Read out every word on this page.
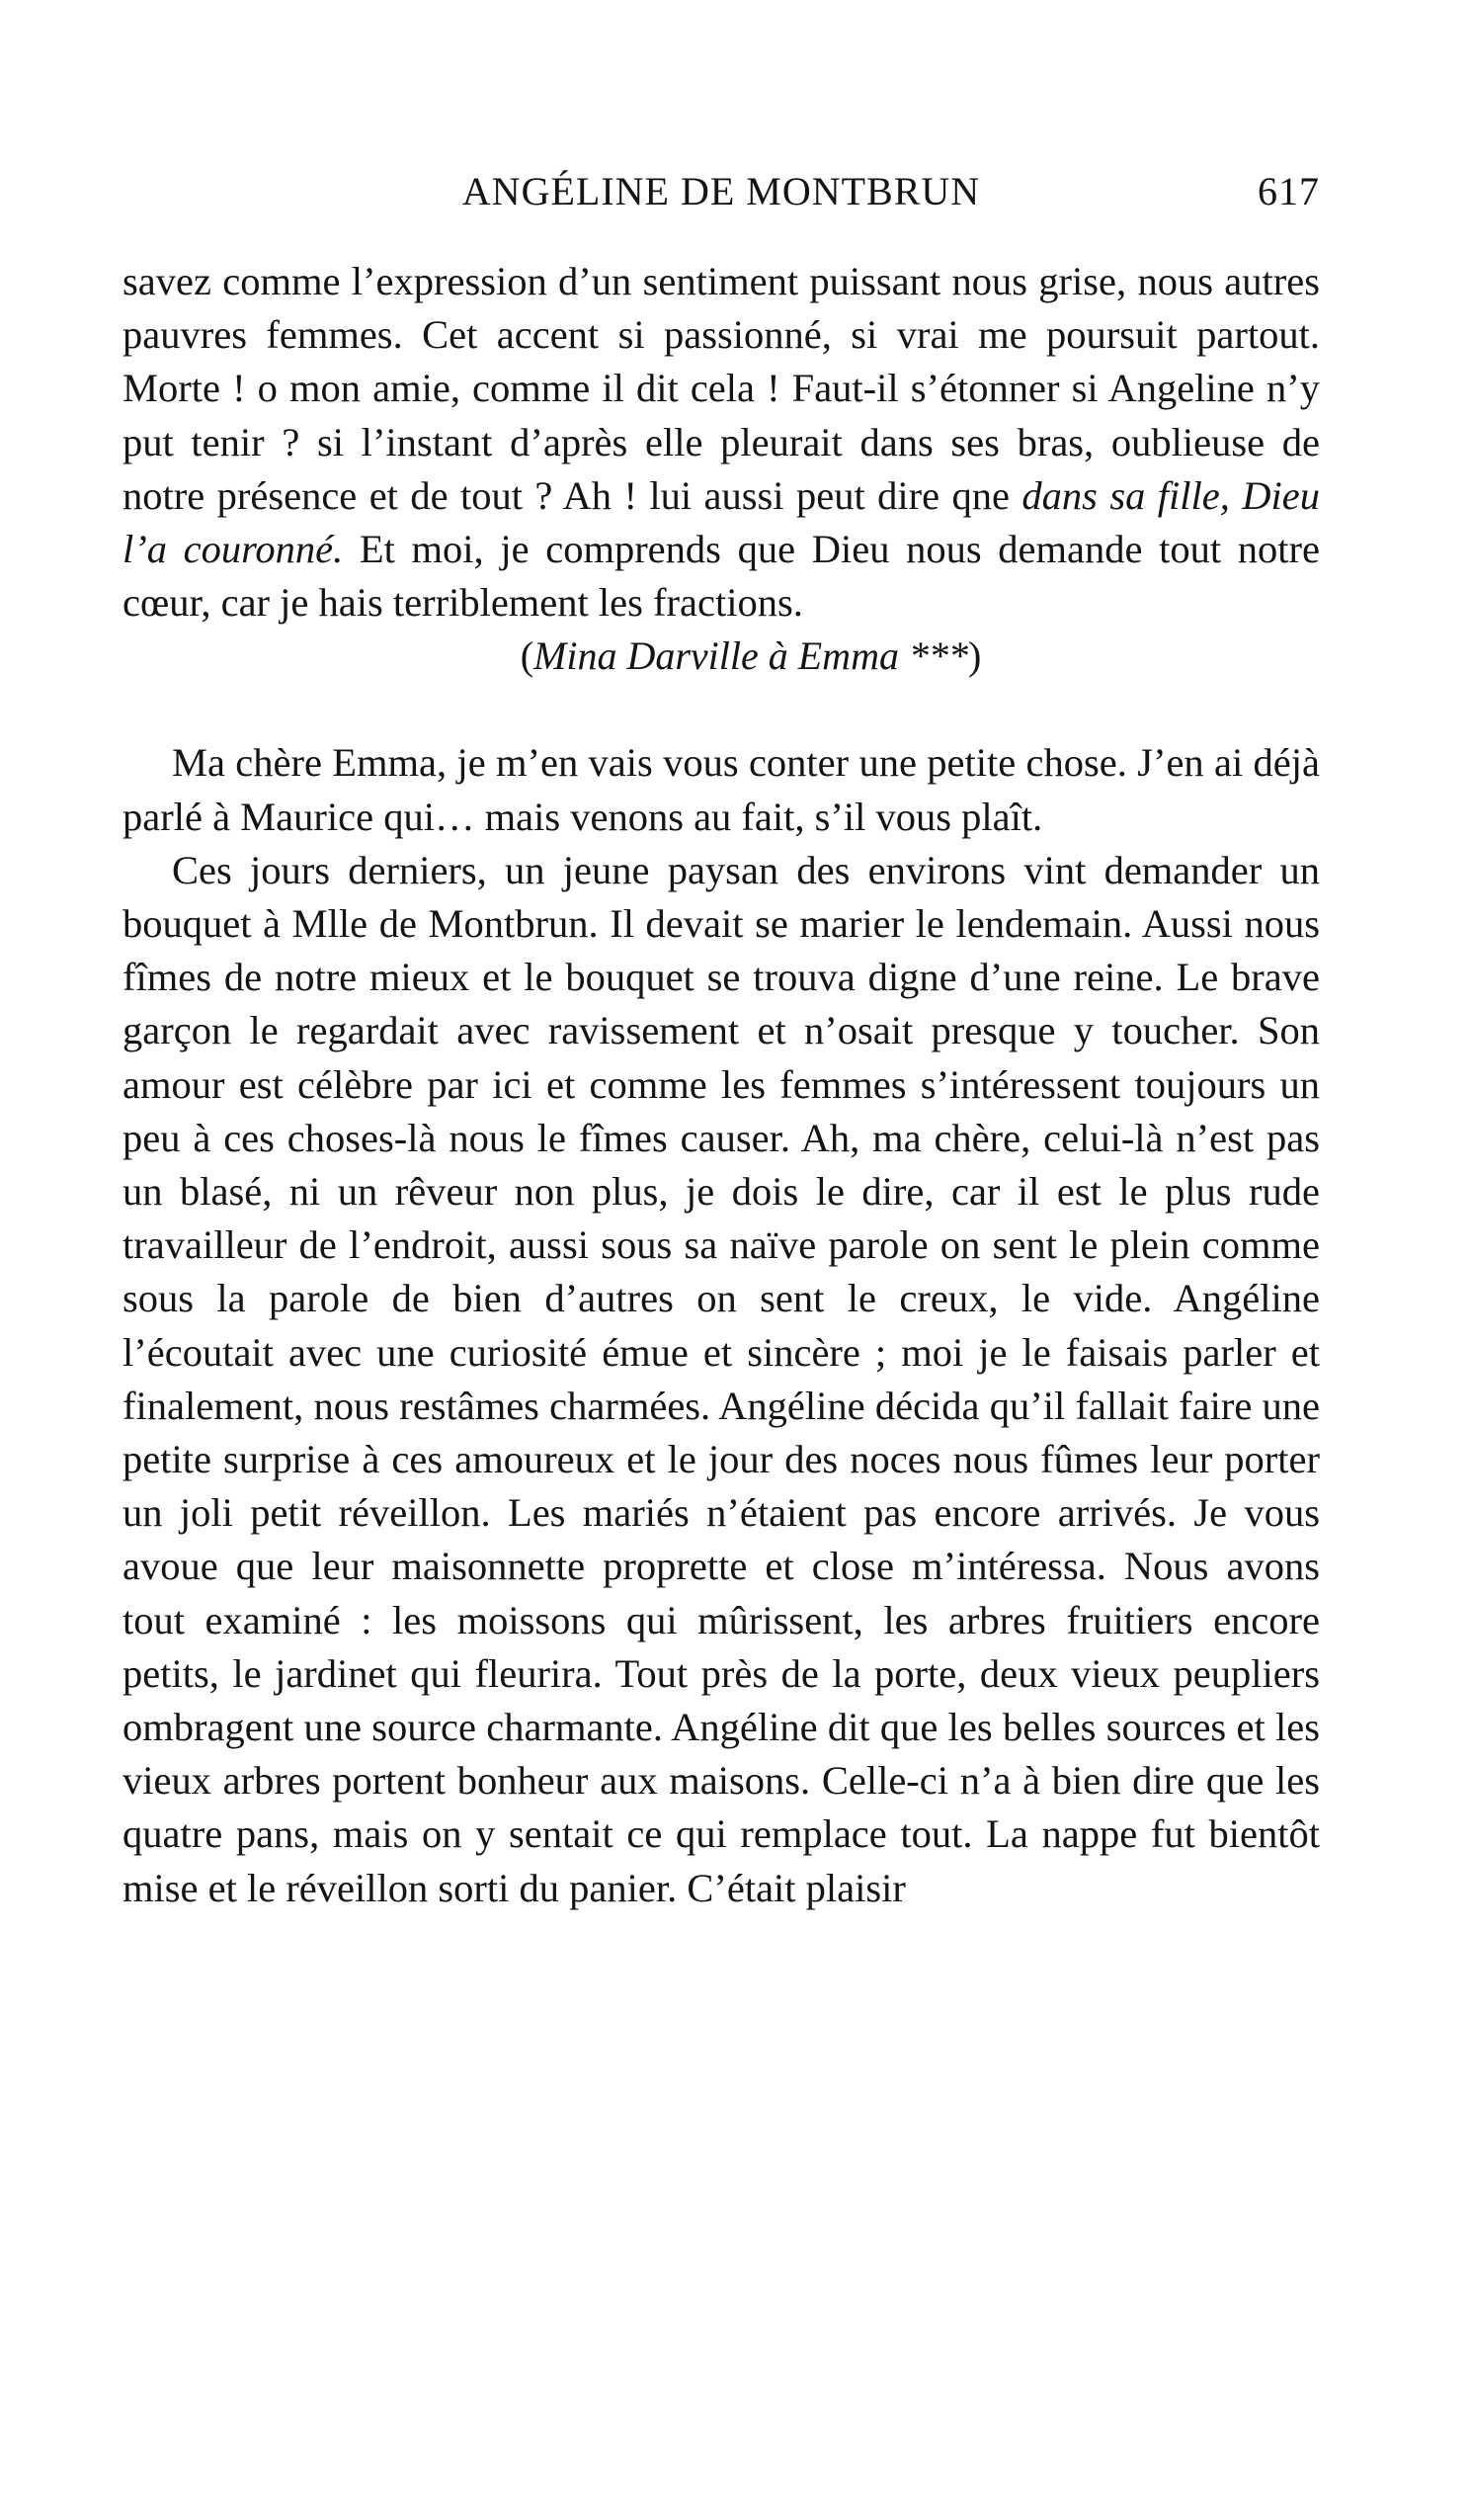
ANGÉLINE DE MONTBRUN	617

savez comme l’expression d’un sentiment puissant nous grise, nous autres pauvres femmes. Cet accent si passionné, si vrai me poursuit partout. Morte ! o mon amie, comme il dit cela ! Faut-il s’étonner si Angeline n’y put tenir ? si l’instant d’après elle pleurait dans ses bras, oublieuse de notre présence et de tout ? Ah ! lui aussi peut dire qne dans sa fille, Dieu l’a couronné. Et moi, je comprends que Dieu nous demande tout notre cœur, car je hais terriblement les fractions.

(Mina Darville à Emma ***)

Ma chère Emma, je m’en vais vous conter une petite chose. J’en ai déjà parlé à Maurice qui… mais venons au fait, s’il vous plaît.

Ces jours derniers, un jeune paysan des environs vint demander un bouquet à Mlle de Montbrun. Il devait se marier le lendemain. Aussi nous fîmes de notre mieux et le bouquet se trouva digne d’une reine. Le brave garçon le regardait avec ravissement et n’osait presque y toucher. Son amour est célèbre par ici et comme les femmes s’intéressent toujours un peu à ces choses-là nous le fîmes causer. Ah, ma chère, celui-là n’est pas un blasé, ni un rêveur non plus, je dois le dire, car il est le plus rude travailleur de l’endroit, aussi sous sa naïve parole on sent le plein comme sous la parole de bien d’autres on sent le creux, le vide. Angéline l’écoutait avec une curiosité émue et sincère ; moi je le faisais parler et finalement, nous restâmes charmées. Angéline décida qu’il fallait faire une petite surprise à ces amoureux et le jour des noces nous fûmes leur porter un joli petit réveillon. Les mariés n’étaient pas encore arrivés. Je vous avoue que leur maisonnette proprette et close m’intéressa. Nous avons tout examiné : les moissons qui mûrissent, les arbres fruitiers encore petits, le jardinet qui fleurira. Tout près de la porte, deux vieux peupliers ombragent une source charmante. Angéline dit que les belles sources et les vieux arbres portent bonheur aux maisons. Celle-ci n’a à bien dire que les quatre pans, mais on y sentait ce qui remplace tout. La nappe fut bientôt mise et le réveillon sorti du panier. C’était plaisir
